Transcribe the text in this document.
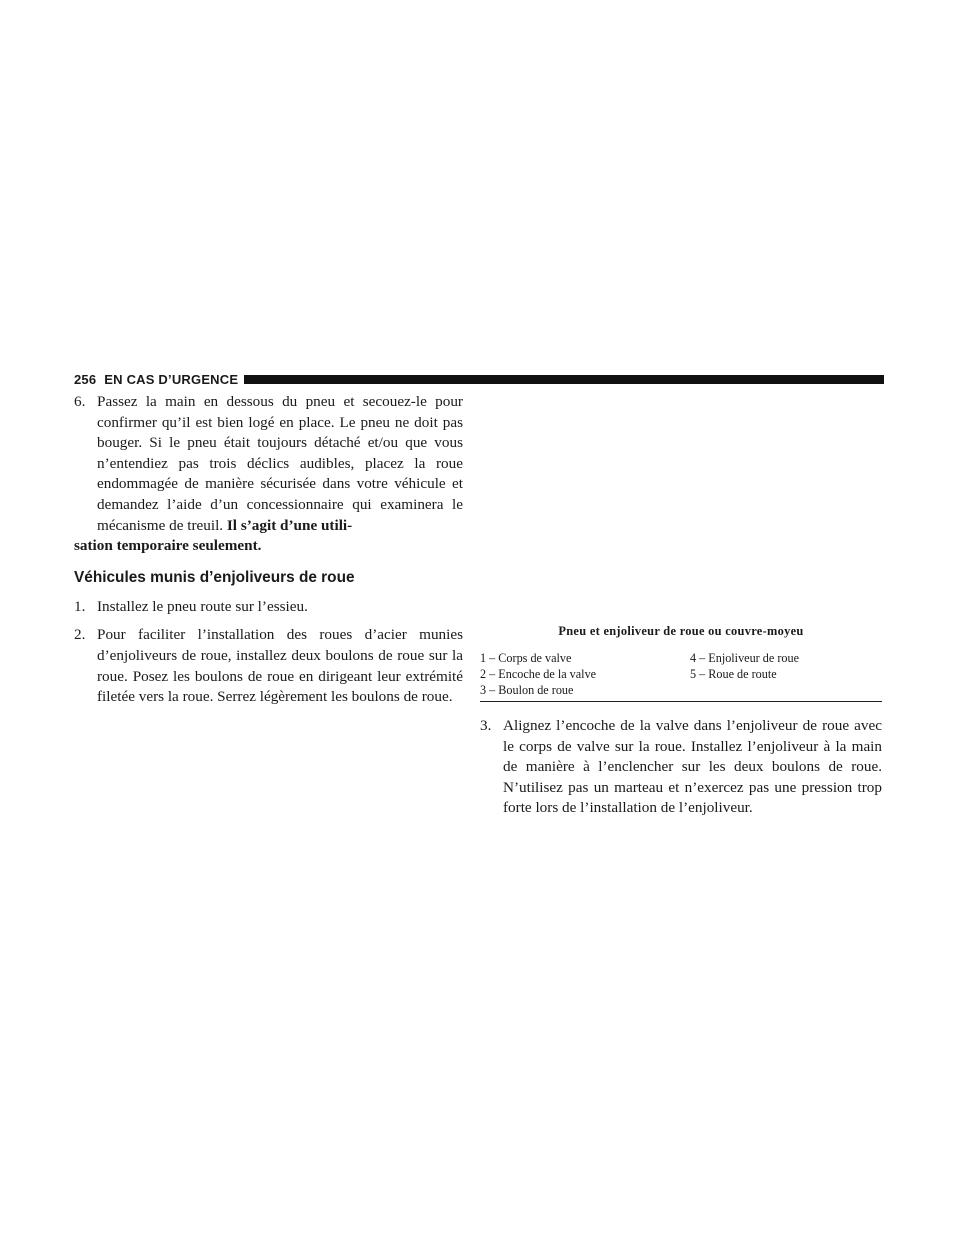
256 EN CAS D’URGENCE

6. Passez la main en dessous du pneu et secouez-le pour confirmer qu’il est bien logé en place. Le pneu ne doit pas bouger. Si le pneu était toujours détaché et/ou que vous n’entendiez pas trois déclics audibles, placez la roue endommagée de manière sécurisée dans votre véhicule et demandez l’aide d’un concessionnaire qui examinera le mécanisme de treuil. Il s’agit d’une utili-
sation temporaire seulement.

Véhicules munis d’enjoliveurs de roue

1. Installez le pneu route sur l’essieu.

2. Pour faciliter l’installation des roues d’acier munies d’enjoliveurs de roue, installez deux boulons de roue sur la roue. Posez les boulons de roue en dirigeant leur extrémité filetée vers la roue. Serrez légèrement les boulons de roue.

Pneu et enjoliveur de roue ou couvre-moyeu
1 – Corps de valve	4 – Enjoliveur de roue
2 – Encoche de la valve	5 – Roue de route
3 – Boulon de roue

3. Alignez l’encoche de la valve dans l’enjoliveur de roue avec le corps de valve sur la roue. Installez l’enjoliveur à la main de manière à l’enclencher sur les deux boulons de roue. N’utilisez pas un marteau et n’exercez pas une pression trop forte lors de l’installation de l’enjoliveur.
